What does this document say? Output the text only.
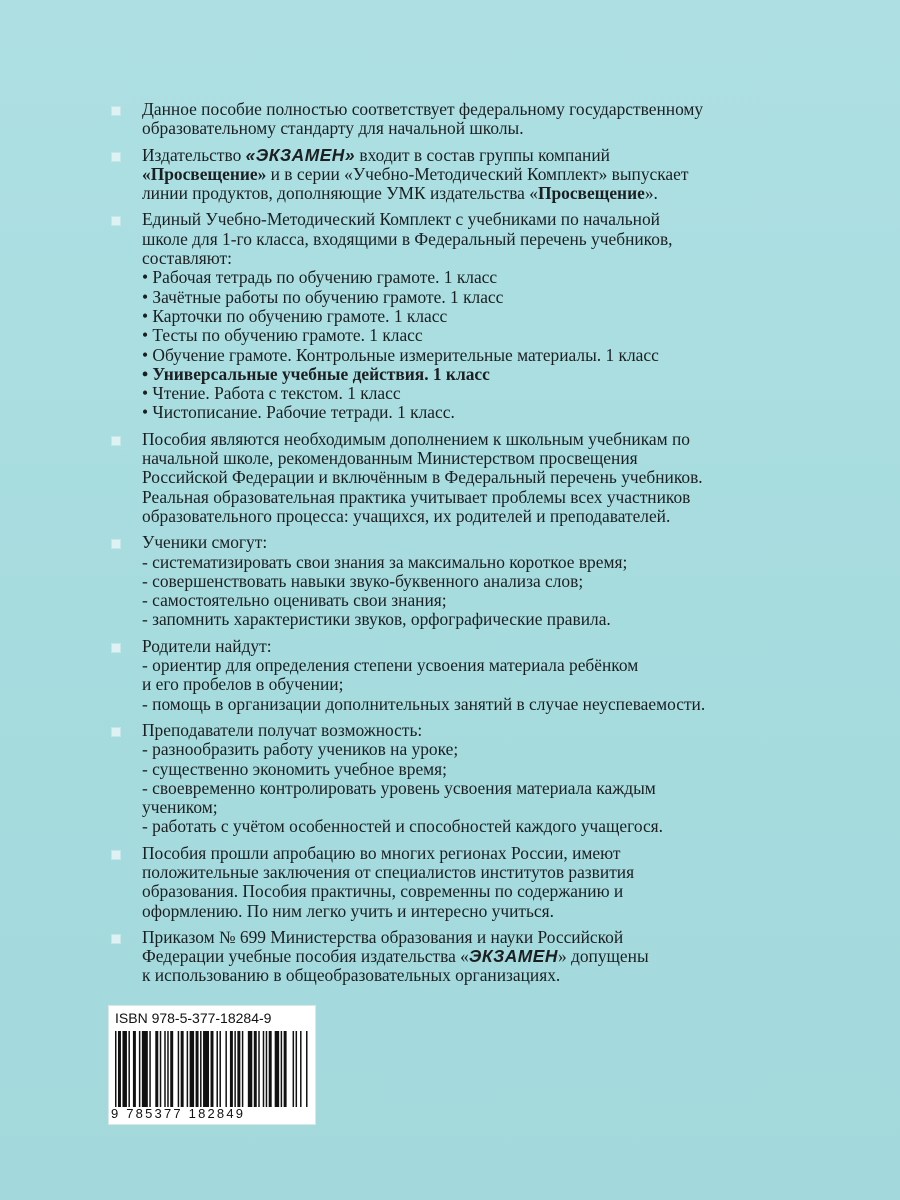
Данное пособие полностью соответствует федеральному государственному
образовательному стандарту для начальной школы.
Издательство «ЭКЗАМЕН» входит в состав группы компаний
«Просвещение» и в серии «Учебно-Методический Комплект» выпускает
линии продуктов, дополняющие УМК издательства «Просвещение».
Единый Учебно-Методический Комплект с учебниками по начальной
школе для 1-го класса, входящими в Федеральный перечень учебников,
составляют:
• Рабочая тетрадь по обучению грамоте. 1 класс
• Зачётные работы по обучению грамоте. 1 класс
• Карточки по обучению грамоте. 1 класс
• Тесты по обучению грамоте. 1 класс
• Обучение грамоте. Контрольные измерительные материалы. 1 класс
• Универсальные учебные действия. 1 класс
• Чтение. Работа с текстом. 1 класс
• Чистописание. Рабочие тетради. 1 класс.
Пособия являются необходимым дополнением к школьным учебникам по
начальной школе, рекомендованным Министерством просвещения
Российской Федерации и включённым в Федеральный перечень учебников.
Реальная образовательная практика учитывает проблемы всех участников
образовательного процесса: учащихся, их родителей и преподавателей.
Ученики смогут:
- систематизировать свои знания за максимально короткое время;
- совершенствовать навыки звуко-буквенного анализа слов;
- самостоятельно оценивать свои знания;
- запомнить характеристики звуков, орфографические правила.
Родители найдут:
- ориентир для определения степени усвоения материала ребёнком
и его пробелов в обучении;
- помощь в организации дополнительных занятий в случае неуспеваемости.
Преподаватели получат возможность:
- разнообразить работу учеников на уроке;
- существенно экономить учебное время;
- своевременно контролировать уровень усвоения материала каждым
учеником;
- работать с учётом особенностей и способностей каждого учащегося.
Пособия прошли апробацию во многих регионах России, имеют
положительные заключения от специалистов институтов развития
образования. Пособия практичны, современны по содержанию и
оформлению. По ним легко учить и интересно учиться.
Приказом № 699 Министерства образования и науки Российской
Федерации учебные пособия издательства «ЭКЗАМЕН» допущены
к использованию в общеобразовательных организациях.
ISBN 978-5-377-18284-9
9 785377 182849
